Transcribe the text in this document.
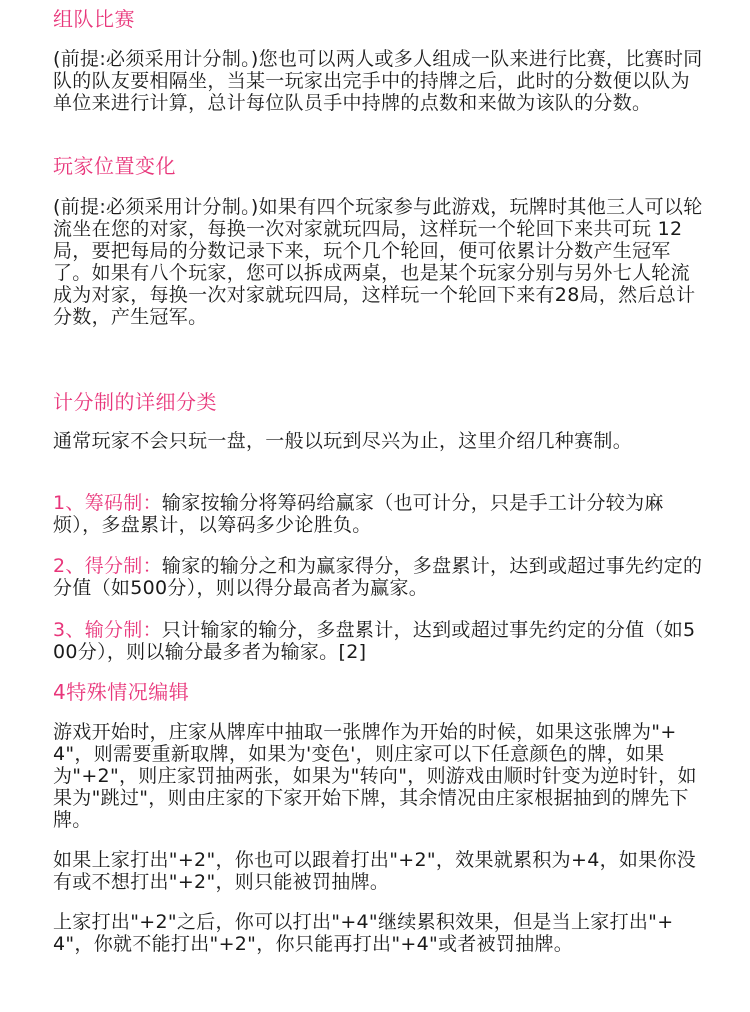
组队比赛
(前提:必须采用计分制。)您也可以两人或多人组成一队来进行比赛，比赛时同队的队友要相隔坐，当某一玩家出完手中的持牌之后，此时的分数便以队为单位来进行计算，总计每位队员手中持牌的点数和来做为该队的分数。
玩家位置变化
(前提:必须采用计分制。)如果有四个玩家参与此游戏，玩牌时其他三人可以轮流坐在您的对家，每换一次对家就玩四局，这样玩一个轮回下来共可玩 12 局，要把每局的分数记录下来，玩个几个轮回，便可依累计分数产生冠军了。如果有八个玩家，您可以拆成两桌，也是某个玩家分别与另外七人轮流成为对家，每换一次对家就玩四局，这样玩一个轮回下来有28局，然后总计分数，产生冠军。
计分制的详细分类
通常玩家不会只玩一盘，一般以玩到尽兴为止，这里介绍几种赛制。
1、筹码制：输家按输分将筹码给赢家（也可计分，只是手工计分较为麻烦），多盘累计，以筹码多少论胜负。
2、得分制：输家的输分之和为赢家得分，多盘累计，达到或超过事先约定的分值（如500分），则以得分最高者为赢家。
3、输分制：只计输家的输分，多盘累计，达到或超过事先约定的分值（如500分），则以输分最多者为输家。[2]
4特殊情况编辑
游戏开始时，庄家从牌库中抽取一张牌作为开始的时候，如果这张牌为"+4"，则需要重新取牌，如果为'变色'，则庄家可以下任意颜色的牌，如果为"+2"，则庄家罚抽两张，如果为"转向"，则游戏由顺时针变为逆时针，如果为"跳过"，则由庄家的下家开始下牌，其余情况由庄家根据抽到的牌先下牌。
如果上家打出"+2"，你也可以跟着打出"+2"，效果就累积为+4，如果你没有或不想打出"+2"，则只能被罚抽牌。
上家打出"+2"之后，你可以打出"+4"继续累积效果，但是当上家打出"+4"，你就不能打出"+2"，你只能再打出"+4"或者被罚抽牌。
